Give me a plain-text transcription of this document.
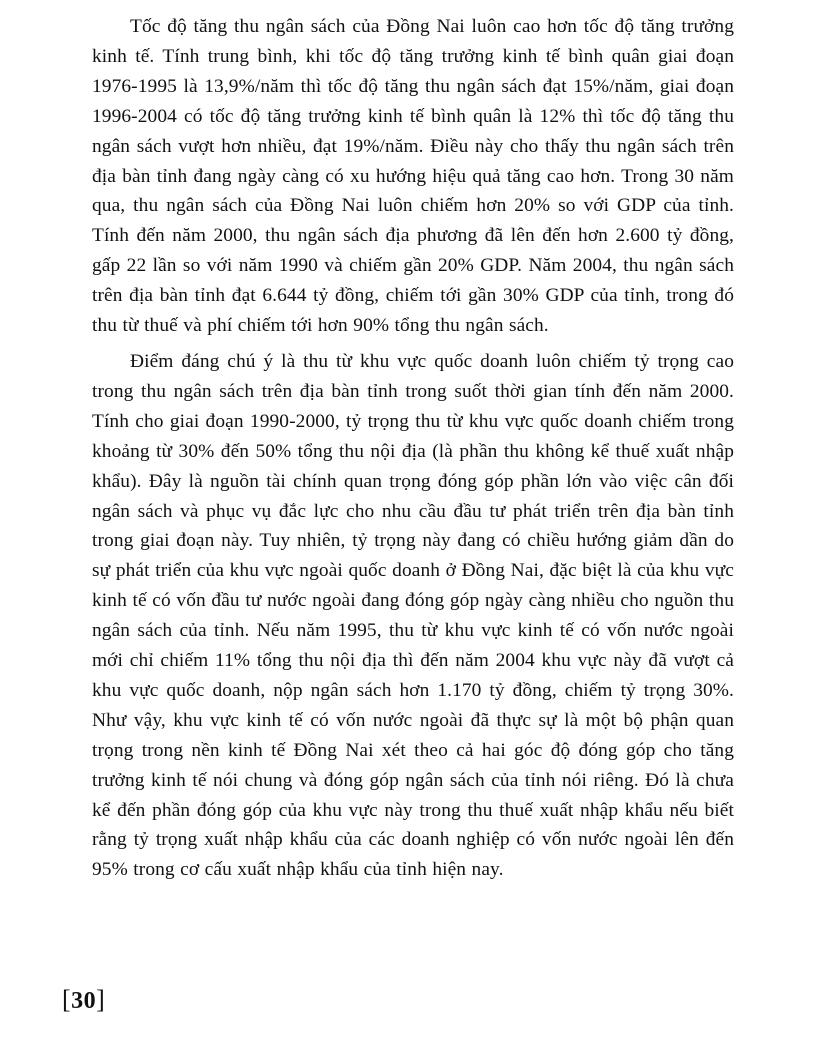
Tốc độ tăng thu ngân sách của Đồng Nai luôn cao hơn tốc độ tăng trưởng kinh tế. Tính trung bình, khi tốc độ tăng trưởng kinh tế bình quân giai đoạn 1976-1995 là 13,9%/năm thì tốc độ tăng thu ngân sách đạt 15%/năm, giai đoạn 1996-2004 có tốc độ tăng trưởng kinh tế bình quân là 12% thì tốc độ tăng thu ngân sách vượt hơn nhiều, đạt 19%/năm. Điều này cho thấy thu ngân sách trên địa bàn tỉnh đang ngày càng có xu hướng hiệu quả tăng cao hơn. Trong 30 năm qua, thu ngân sách của Đồng Nai luôn chiếm hơn 20% so với GDP của tỉnh. Tính đến năm 2000, thu ngân sách địa phương đã lên đến hơn 2.600 tỷ đồng, gấp 22 lần so với năm 1990 và chiếm gần 20% GDP. Năm 2004, thu ngân sách trên địa bàn tỉnh đạt 6.644 tỷ đồng, chiếm tới gần 30% GDP của tỉnh, trong đó thu từ thuế và phí chiếm tới hơn 90% tổng thu ngân sách.

Điểm đáng chú ý là thu từ khu vực quốc doanh luôn chiếm tỷ trọng cao trong thu ngân sách trên địa bàn tỉnh trong suốt thời gian tính đến năm 2000. Tính cho giai đoạn 1990-2000, tỷ trọng thu từ khu vực quốc doanh chiếm trong khoảng từ 30% đến 50% tổng thu nội địa (là phần thu không kể thuế xuất nhập khẩu). Đây là nguồn tài chính quan trọng đóng góp phần lớn vào việc cân đối ngân sách và phục vụ đắc lực cho nhu cầu đầu tư phát triển trên địa bàn tỉnh trong giai đoạn này. Tuy nhiên, tỷ trọng này đang có chiều hướng giảm dần do sự phát triển của khu vực ngoài quốc doanh ở Đồng Nai, đặc biệt là của khu vực kinh tế có vốn đầu tư nước ngoài đang đóng góp ngày càng nhiều cho nguồn thu ngân sách của tỉnh. Nếu năm 1995, thu từ khu vực kinh tế có vốn nước ngoài mới chỉ chiếm 11% tổng thu nội địa thì đến năm 2004 khu vực này đã vượt cả khu vực quốc doanh, nộp ngân sách hơn 1.170 tỷ đồng, chiếm tỷ trọng 30%. Như vậy, khu vực kinh tế có vốn nước ngoài đã thực sự là một bộ phận quan trọng trong nền kinh tế Đồng Nai xét theo cả hai góc độ đóng góp cho tăng trưởng kinh tế nói chung và đóng góp ngân sách của tỉnh nói riêng. Đó là chưa kể đến phần đóng góp của khu vực này trong thu thuế xuất nhập khẩu nếu biết rằng tỷ trọng xuất nhập khẩu của các doanh nghiệp có vốn nước ngoài lên đến 95% trong cơ cấu xuất nhập khẩu của tỉnh hiện nay.

[30]
